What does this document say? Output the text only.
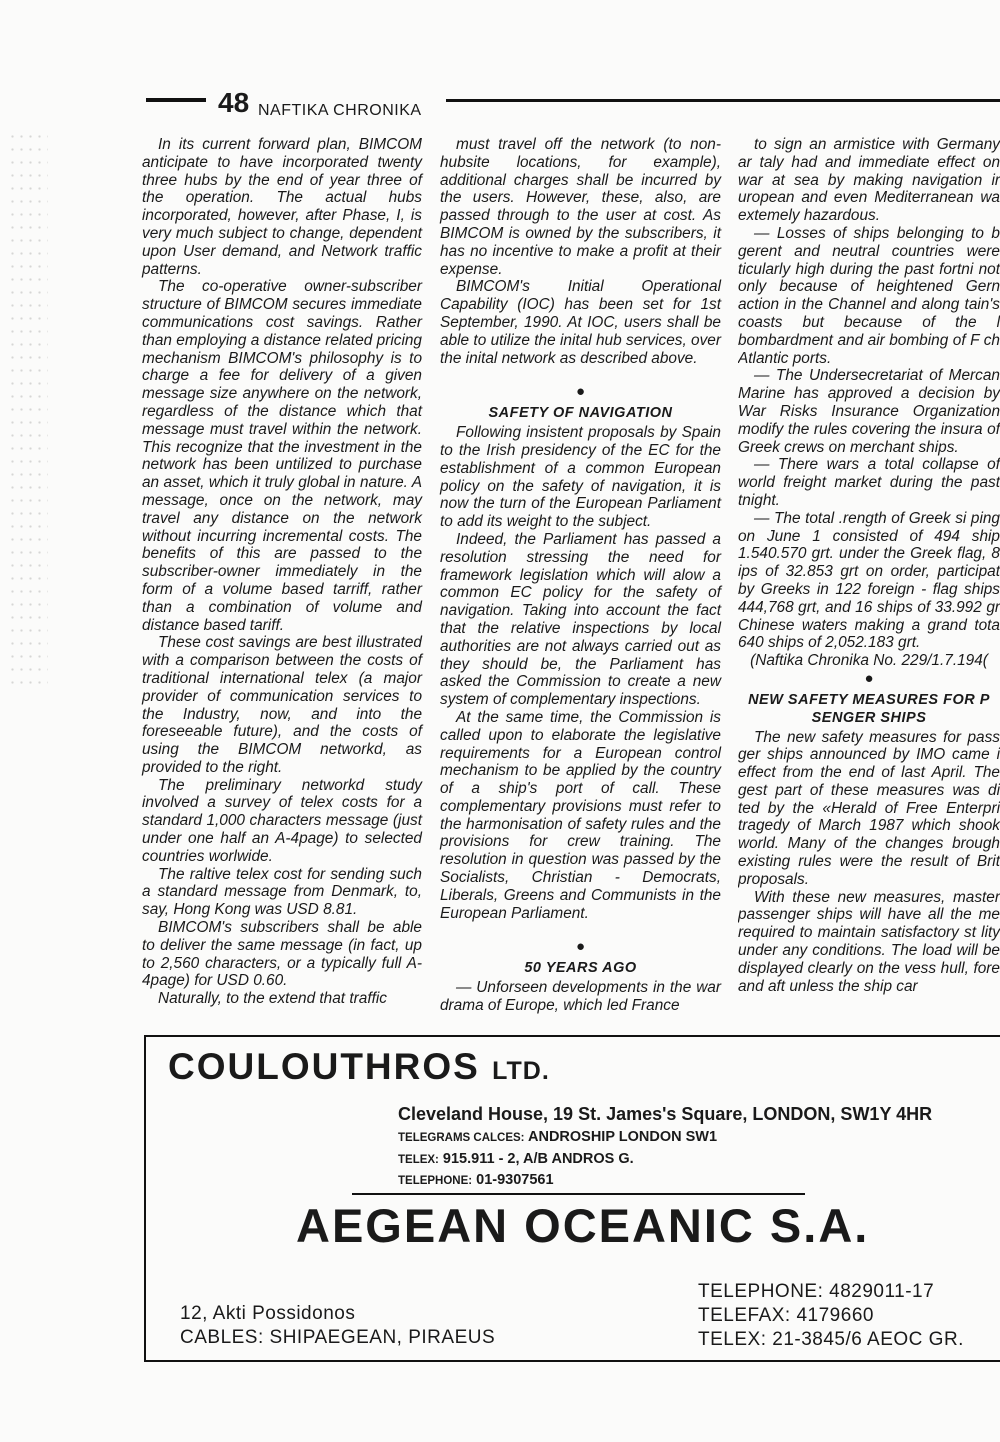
48 NAFTIKA CHRONIKA

In its current forward plan, BIMCOM anticipate to have incorporated twenty three hubs by the end of year three of the operation. The actual hubs incorporated, however, after Phase, I, is very much subject to change, dependent upon User demand, and Network traffic patterns.

The co-operative owner-subscriber structure of BIMCOM secures immediate communications cost savings. Rather than employing a distance related pricing mechanism BIMCOM's philosophy is to charge a fee for delivery of a given message size anywhere on the network, regardless of the distance which that message must travel within the network. This recognize that the investment in the network has been untilized to purchase an asset, which it truly global in nature. A message, once on the network, may travel any distance on the network without incurring incremental costs. The benefits of this are passed to the subscriber-owner immediately in the form of a volume based tarriff, rather than a combination of volume and distance based tariff.

These cost savings are best illustrated with a comparison between the costs of traditional international telex (a major provider of communication services to the Industry, now, and into the foreseeable future), and the costs of using the BIMCOM networkd, as provided to the right.

The preliminary networkd study involved a survey of telex costs for a standard 1,000 characters message (just under one half an A-4page) to selected countries worlwide.

The raltive telex cost for sending such a standard message from Denmark, to, say, Hong Kong was USD 8.81.

BIMCOM's subscribers shall be able to deliver the same message (in fact, up to 2,560 characters, or a typically full A-4page) for USD 0.60.

Naturally, to the extend that traffic

must travel off the network (to non-hubsite locations, for example), additional charges shall be incurred by the users. However, these, also, are passed through to the user at cost. As BIMCOM is owned by the subscribers, it has no incentive to make a profit at their expense.

BIMCOM's Initial Operational Capability (IOC) has been set for 1st September, 1990. At IOC, users shall be able to utilize the inital hub services, over the inital network as described above.

●
SAFETY OF NAVIGATION

Following insistent proposals by Spain to the Irish presidency of the EC for the establishment of a common European policy on the safety of navigation, it is now the turn of the European Parliament to add its weight to the subject.

Indeed, the Parliament has passed a resolution stressing the need for framework legislation which will alow a common EC policy for the safety of navigation. Taking into account the fact that the relative inspections by local authorities are not always carried out as they should be, the Parliament has asked the Commission to create a new system of complementary inspections.

At the same time, the Commission is called upon to elaborate the legislative requirements for a European control mechanism to be applied by the country of a ship's port of call. These complementary provisions must refer to the harmonisation of safety rules and the provisions for crew training. The resolution in question was passed by the Socialists, Christian - Democrats, Liberals, Greens and Communists in the European Parliament.

●
50 YEARS AGO

— Unforseen developments in the war drama of Europe, which led France

to sign an armistice with Germany ar taly had and immediate effect on war at sea by making navigation ir uropean and even Mediterranean wa extemely hazardous.

— Losses of ships belonging to b gerent and neutral countries were ticularly high during the past fortni not only because of heightened Gern action in the Channel and along tain's coasts but because of the l bombardment and air bombing of F ch Atlantic ports.

— The Undersecretariat of Mercan Marine has approved a decision by War Risks Insurance Organization modify the rules covering the insura of Greek crews on merchant ships.

— There wars a total collapse of world freight market during the past tnight.

— The total .rength of Greek si ping on June 1 consisted of 494 ship 1.540.570 grt. under the Greek flag, 8 ips of 32.853 grt on order, participat by Greeks in 122 foreign - flag ships 444,768 grt, and 16 ships of 33.992 gr Chinese waters making a grand tota 640 ships of 2,052.183 grt.

(Naftika Chronika No. 229/1.7.194(

●
NEW SAFETY MEASURES FOR P SENGER SHIPS

The new safety measures for pass ger ships announced by IMO came i effect from the end of last April. The gest part of these measures was di ted by the «Herald of Free Enterpri tragedy of March 1987 which shook world. Many of the changes brough existing rules were the result of Brit proposals.

With these new measures, master passenger ships will have all the me required to maintain satisfactory st lity under any conditions. The load will be displayed clearly on the vess hull, fore and aft unless the ship car

COULOUTHROS LTD.
Cleveland House, 19 St. James's Square, LONDON, SW1Y 4HR
TELEGRAMS CALCES: ANDROSHIP LONDON SW1
TELEX: 915.911 - 2, A/B ANDROS G.
TELEPHONE: 01-9307561
AEGEAN OCEANIC S.A.
TELEPHONE: 4829011-17
TELEFAX: 4179660
TELEX: 21-3845/6 AEOC GR.
12, Akti Possidonos
CABLES: SHIPAEGEAN, PIRAEUS
